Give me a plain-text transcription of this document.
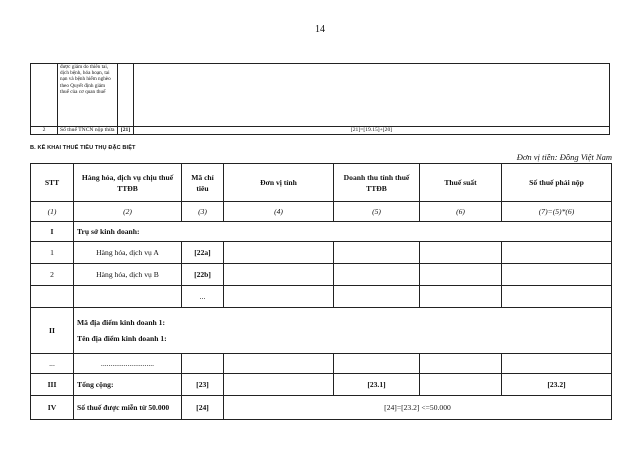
14
	được giảm do thiên tai, dịch bệnh, hỏa hoạn, tai nạn và bệnh hiểm nghèo theo Quyết định giảm thuế của cơ quan thuế		
2	Số thuế TNCN nộp thừa	[21]	[21]=[19.15]+[20]
B. KÊ KHAI THUẾ TIÊU THỤ ĐẶC BIỆT
Đơn vị tiền: Đồng Việt Nam
STT	Hàng hóa, dịch vụ chịu thuế TTĐB	Mã chỉ tiêu	Đơn vị tính	Doanh thu tính thuế TTĐB	Thuế suất	Số thuế phải nộp
(1)	(2)	(3)	(4)	(5)	(6)	(7)=(5)*(6)
I	Trụ sở kinh doanh:					
1	Hàng hóa, dịch vụ A	[22a]				
2	Hàng hóa, dịch vụ B	[22b]				
		...				
II	Mã địa điểm kinh doanh 1:
Tên địa điểm kinh doanh 1:					

...	............................					
III	Tổng cộng:	[23]		[23.1]		[23.2]
IV	Số thuế được miễn từ 50.000	[24]	[24]=[23.2] <=50.000			
